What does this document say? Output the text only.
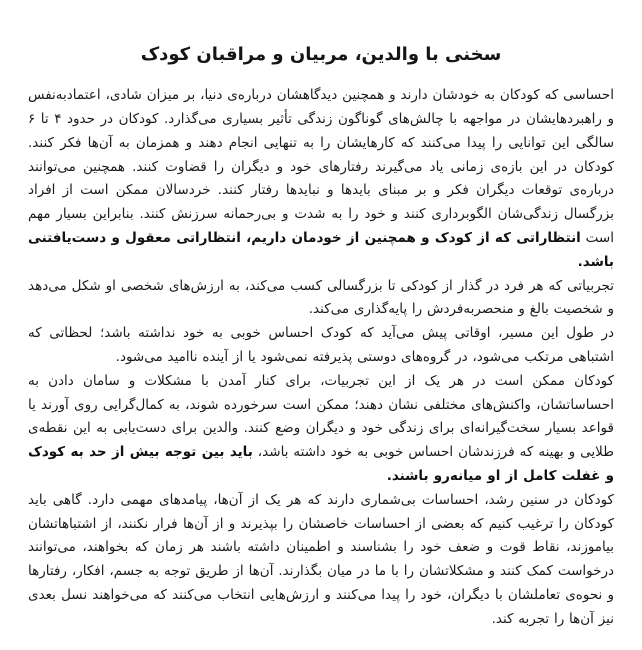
سخنی با والدین، مربیان و مراقبان کودک

احساسی که کودکان به خودشان دارند و همچنین دیدگاهشان درباره‌ی دنیا، بر میزان شادی، اعتمادبه‌نفس و راهبردهایشان در مواجهه با چالش‌های گوناگون زندگی تأثیر بسیاری می‌گذارد. کودکان در حدود ۴ تا ۶ سالگی این توانایی را پیدا می‌کنند که کارهایشان را به تنهایی انجام دهند و همزمان به آن‌ها فکر کنند. کودکان در این بازه‌ی زمانی یاد می‌گیرند رفتارهای خود و دیگران را قضاوت کنند. همچنین می‌توانند درباره‌ی توقعات دیگران فکر و بر مبنای بایدها و نبایدها رفتار کنند. خردسالان ممکن است از افراد بزرگسال زندگی‌شان الگوبرداری کنند و خود را به شدت و بی‌رحمانه سرزنش کنند. بنابراین بسیار مهم است انتظاراتی که از کودک و همچنین از خودمان داریم، انتظاراتی معقول و دست‌یافتنی باشد.

تجربیاتی که هر فرد در گذار از کودکی تا بزرگسالی کسب می‌کند، به ارزش‌های شخصی او شکل می‌دهد و شخصیت بالغ و منحصربه‌فردش را پایه‌گذاری می‌کند.

در طول این مسیر، اوقاتی پیش می‌آید که کودک احساس خوبی به خود نداشته باشد؛ لحظاتی که اشتباهی مرتکب می‌شود، در گروه‌های دوستی پذیرفته نمی‌شود یا از آینده ناامید می‌شود.

کودکان ممکن است در هر یک از این تجربیات، برای کنار آمدن با مشکلات و سامان دادن به احساساتشان، واکنش‌های مختلفی نشان دهند؛ ممکن است سرخورده شوند، به کمال‌گرایی روی آورند یا قواعد بسیار سخت‌گیرانه‌ای برای زندگی خود و دیگران وضع کنند. والدین برای دست‌یابی به این نقطه‌ی طلایی و بهینه که فرزندشان احساس خوبی به خود داشته باشد، باید بین توجه بیش از حد به کودک و غفلت کامل از او میانه‌رو باشند.

کودکان در سنین رشد، احساسات بی‌شماری دارند که هر یک از آن‌ها، پیامدهای مهمی دارد. گاهی باید کودکان را ترغیب کنیم که بعضی از احساسات خاصشان را بپذیرند و از آن‌ها فرار نکنند، از اشتباهاتشان بیاموزند، نقاط قوت و ضعف خود را بشناسند و اطمینان داشته باشند هر زمان که بخواهند، می‌توانند درخواست کمک کنند و مشکلاتشان را با ما در میان بگذارند. آن‌ها از طریق توجه به جسم، افکار، رفتارها و نحوه‌ی تعاملشان با دیگران، خود را پیدا می‌کنند و ارزش‌هایی انتخاب می‌کنند که می‌خواهند نسل بعدی نیز آن‌ها را تجربه کند.
